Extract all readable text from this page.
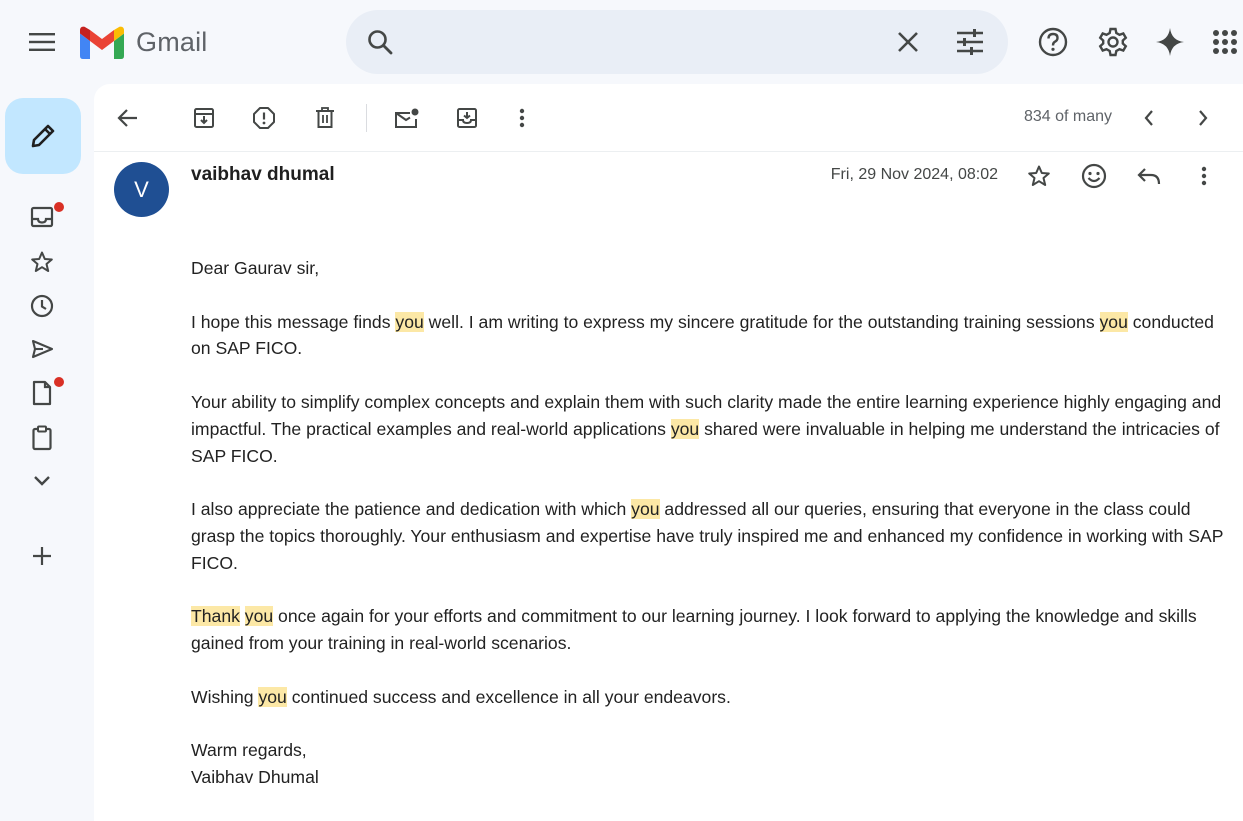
Gmail
834 of many
V
vaibhav dhumal	Fri, 29 Nov 2024, 08:02

Dear Gaurav sir,

I hope this message finds you well. I am writing to express my sincere gratitude for the outstanding training sessions you conducted on SAP FICO.

Your ability to simplify complex concepts and explain them with such clarity made the entire learning experience highly engaging and impactful. The practical examples and real-world applications you shared were invaluable in helping me understand the intricacies of SAP FICO.

I also appreciate the patience and dedication with which you addressed all our queries, ensuring that everyone in the class could grasp the topics thoroughly. Your enthusiasm and expertise have truly inspired me and enhanced my confidence in working with SAP FICO.

Thank you once again for your efforts and commitment to our learning journey. I look forward to applying the knowledge and skills gained from your training in real-world scenarios.

Wishing you continued success and excellence in all your endeavors.

Warm regards,

Vaibhav Dhumal
